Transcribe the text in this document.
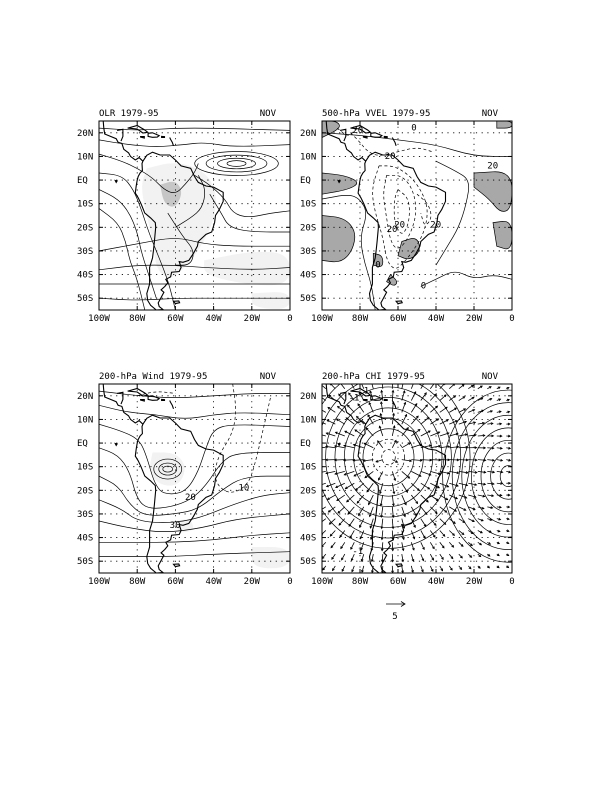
OLR 1979-95	NOV
20N
10N
EQ
10S
20S
30S
40S
50S
100W 80W 60W 40W 20W	0
500-hPa VVEL 1979-95	NOV
20N
10N
EQ
10S
20S
30S
40S
50S
100W 80W 60W 40W 20W	0
20	0
20
20
20
20	20
0
0
200-hPa Wind 1979-95	NOV
20N
10N
EQ
10S
20S
30S
40S
50S
100W 80W 60W 40W 20W	0
10
20
30
200-hPa CHI 1979-95	NOV
20N
10N
EQ
10S
20S
30S
40S
50S
100W 80W 60W 40W 20W	0
-1
-1
1
5
